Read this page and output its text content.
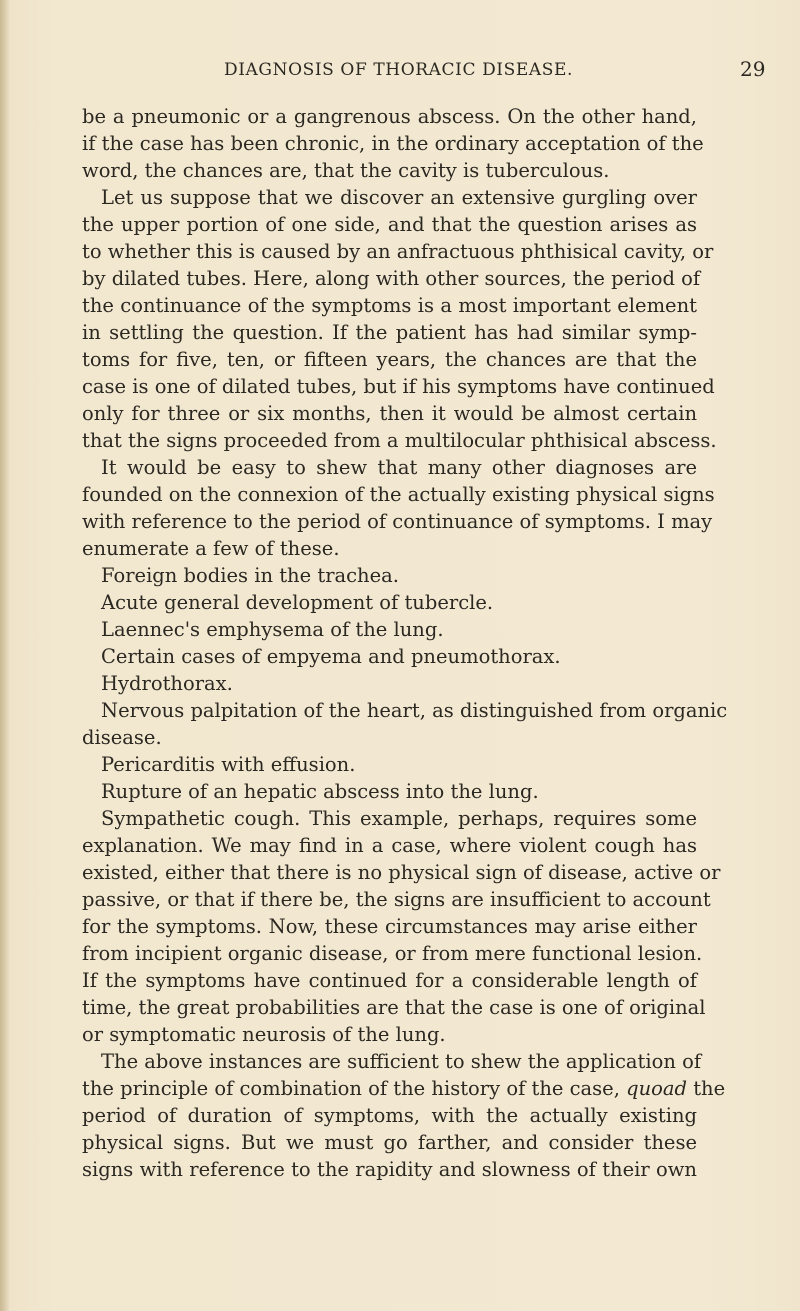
DIAGNOSIS OF THORACIC DISEASE.	29
be a pneumonic or a gangrenous abscess. On the other hand,
if the case has been chronic, in the ordinary acceptation of the
word, the chances are, that the cavity is tuberculous.
Let us suppose that we discover an extensive gurgling over
the upper portion of one side, and that the question arises as
to whether this is caused by an anfractuous phthisical cavity, or
by dilated tubes. Here, along with other sources, the period of
the continuance of the symptoms is a most important element
in settling the question. If the patient has had similar symp-
toms for five, ten, or fifteen years, the chances are that the
case is one of dilated tubes, but if his symptoms have continued
only for three or six months, then it would be almost certain
that the signs proceeded from a multilocular phthisical abscess.
It would be easy to shew that many other diagnoses are
founded on the connexion of the actually existing physical signs
with reference to the period of continuance of symptoms. I may
enumerate a few of these.
Foreign bodies in the trachea.
Acute general development of tubercle.
Laennec's emphysema of the lung.
Certain cases of empyema and pneumothorax.
Hydrothorax.
Nervous palpitation of the heart, as distinguished from organic
disease.
Pericarditis with effusion.
Rupture of an hepatic abscess into the lung.
Sympathetic cough. This example, perhaps, requires some
explanation. We may find in a case, where violent cough has
existed, either that there is no physical sign of disease, active or
passive, or that if there be, the signs are insufficient to account
for the symptoms. Now, these circumstances may arise either
from incipient organic disease, or from mere functional lesion.
If the symptoms have continued for a considerable length of
time, the great probabilities are that the case is one of original
or symptomatic neurosis of the lung.
The above instances are sufficient to shew the application of
the principle of combination of the history of the case, quoad the
period of duration of symptoms, with the actually existing
physical signs. But we must go farther, and consider these
signs with reference to the rapidity and slowness of their own
